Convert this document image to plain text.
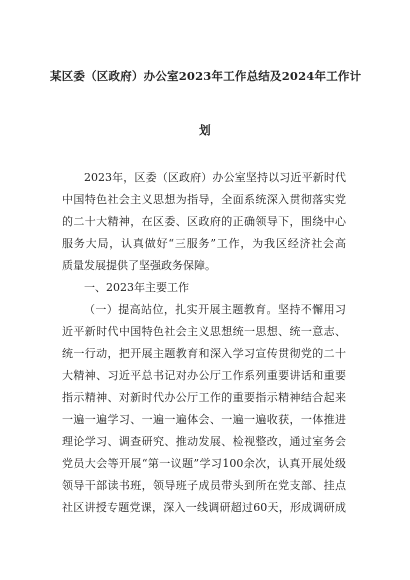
某区委（区政府）办公室2023年工作总结及2024年工作计
划
2023年，区委（区政府）办公室坚持以习近平新时代
中国特色社会主义思想为指导，全面系统深入贯彻落实党
的二十大精神，在区委、区政府的正确领导下，围绕中心
服务大局，认真做好“三服务”工作，为我区经济社会高
质量发展提供了坚强政务保障。
一、2023年主要工作
（一）提高站位，扎实开展主题教育。坚持不懈用习
近平新时代中国特色社会主义思想统一思想、统一意志、
统一行动，把开展主题教育和深入学习宣传贯彻党的二十
大精神、习近平总书记对办公厅工作系列重要讲话和重要
指示精神、对新时代办公厅工作的重要指示精神结合起来
一遍一遍学习、一遍一遍体会、一遍一遍收获，一体推进
理论学习、调查研究、推动发展、检视整改，通过室务会
党员大会等开展“第一议题”学习100余次，认真开展处级
领导干部读书班，领导班子成员带头到所在党支部、挂点
社区讲授专题党课，深入一线调研超过60天，形成调研成
